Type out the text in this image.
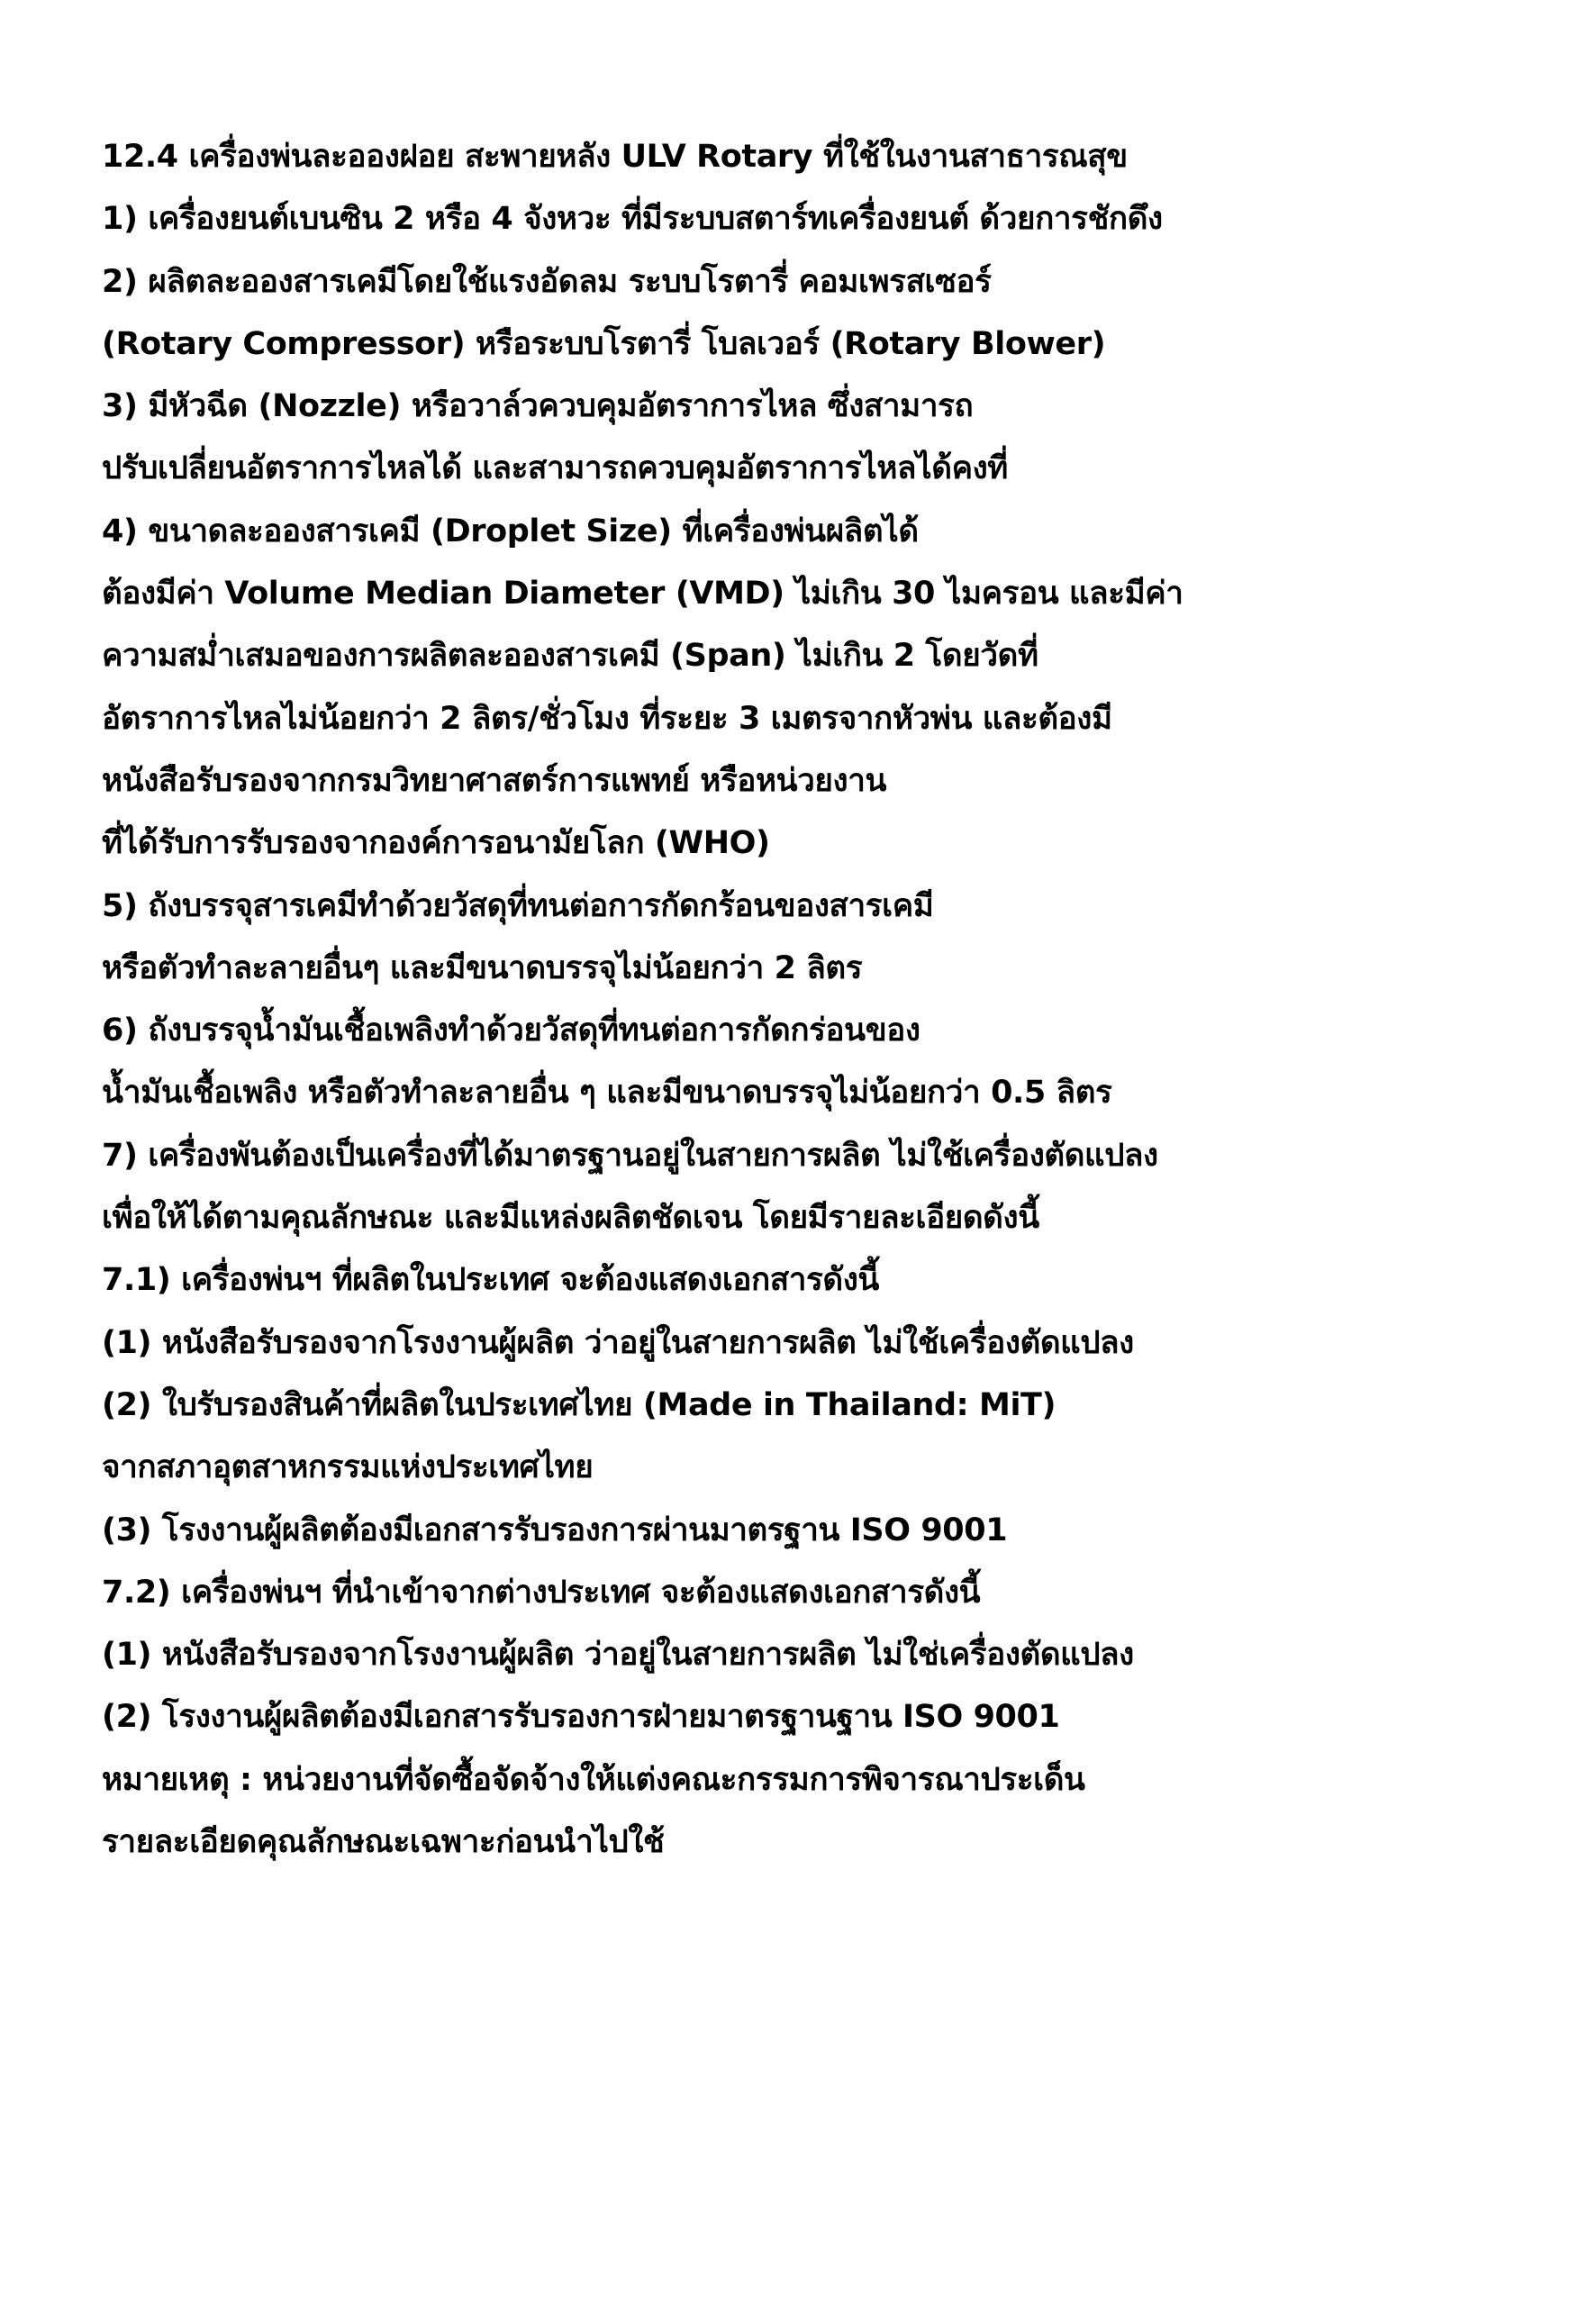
12.4 เครื่องพ่นละอองฝอย สะพายหลัง ULV Rotary ที่ใช้ในงานสาธารณสุข
1) เครื่องยนต์เบนซิน 2 หรือ 4 จังหวะ ที่มีระบบสตาร์ทเครื่องยนต์ ด้วยการชักดึง
2) ผลิตละอองสารเคมีโดยใช้แรงอัดลม ระบบโรตารี่ คอมเพรสเซอร์
(Rotary Compressor) หรือระบบโรตารี่ โบลเวอร์ (Rotary Blower)
3) มีหัวฉีด (Nozzle) หรือวาล์วควบคุมอัตราการไหล ซึ่งสามารถ
ปรับเปลี่ยนอัตราการไหลได้ และสามารถควบคุมอัตราการไหลได้คงที่
4) ขนาดละอองสารเคมี (Droplet Size) ที่เครื่องพ่นผลิตได้
ต้องมีค่า Volume Median Diameter (VMD) ไม่เกิน 30 ไมครอน และมีค่า
ความสม่ำเสมอของการผลิตละอองสารเคมี (Span) ไม่เกิน 2 โดยวัดที่
อัตราการไหลไม่น้อยกว่า 2 ลิตร/ชั่วโมง ที่ระยะ 3 เมตรจากหัวพ่น และต้องมี
หนังสือรับรองจากกรมวิทยาศาสตร์การแพทย์ หรือหน่วยงาน
ที่ได้รับการรับรองจากองค์การอนามัยโลก (WHO)
5) ถังบรรจุสารเคมีทำด้วยวัสดุที่ทนต่อการกัดกร้อนของสารเคมี
หรือตัวทำละลายอื่นๆ และมีขนาดบรรจุไม่น้อยกว่า 2 ลิตร
6) ถังบรรจุน้ำมันเชื้อเพลิงทำด้วยวัสดุที่ทนต่อการกัดกร่อนของ
น้ำมันเชื้อเพลิง หรือตัวทำละลายอื่น ๆ และมีขนาดบรรจุไม่น้อยกว่า 0.5 ลิตร
7) เครื่องพันต้องเป็นเครื่องที่ได้มาตรฐานอยู่ในสายการผลิต ไม่ใช้เครื่องตัดแปลง
เพื่อให้ได้ตามคุณลักษณะ และมีแหล่งผลิตชัดเจน โดยมีรายละเอียดดังนี้
7.1) เครื่องพ่นฯ ที่ผลิตในประเทศ จะต้องแสดงเอกสารดังนี้
(1) หนังสือรับรองจากโรงงานผู้ผลิต ว่าอยู่ในสายการผลิต ไม่ใช้เครื่องตัดแปลง
(2) ใบรับรองสินค้าที่ผลิตในประเทศไทย (Made in Thailand: MiT)
จากสภาอุตสาหกรรมแห่งประเทศไทย
(3) โรงงานผู้ผลิตต้องมีเอกสารรับรองการผ่านมาตรฐาน ISO 9001
7.2) เครื่องพ่นฯ ที่นำเข้าจากต่างประเทศ จะต้องแสดงเอกสารดังนี้
(1) หนังสือรับรองจากโรงงานผู้ผลิต ว่าอยู่ในสายการผลิต ไม่ใช่เครื่องตัดแปลง
(2) โรงงานผู้ผลิตต้องมีเอกสารรับรองการฝ่ายมาตรฐานฐาน ISO 9001
หมายเหตุ : หน่วยงานที่จัดซื้อจัดจ้างให้แต่งคณะกรรมการพิจารณาประเด็น
รายละเอียดคุณลักษณะเฉพาะก่อนนำไปใช้
